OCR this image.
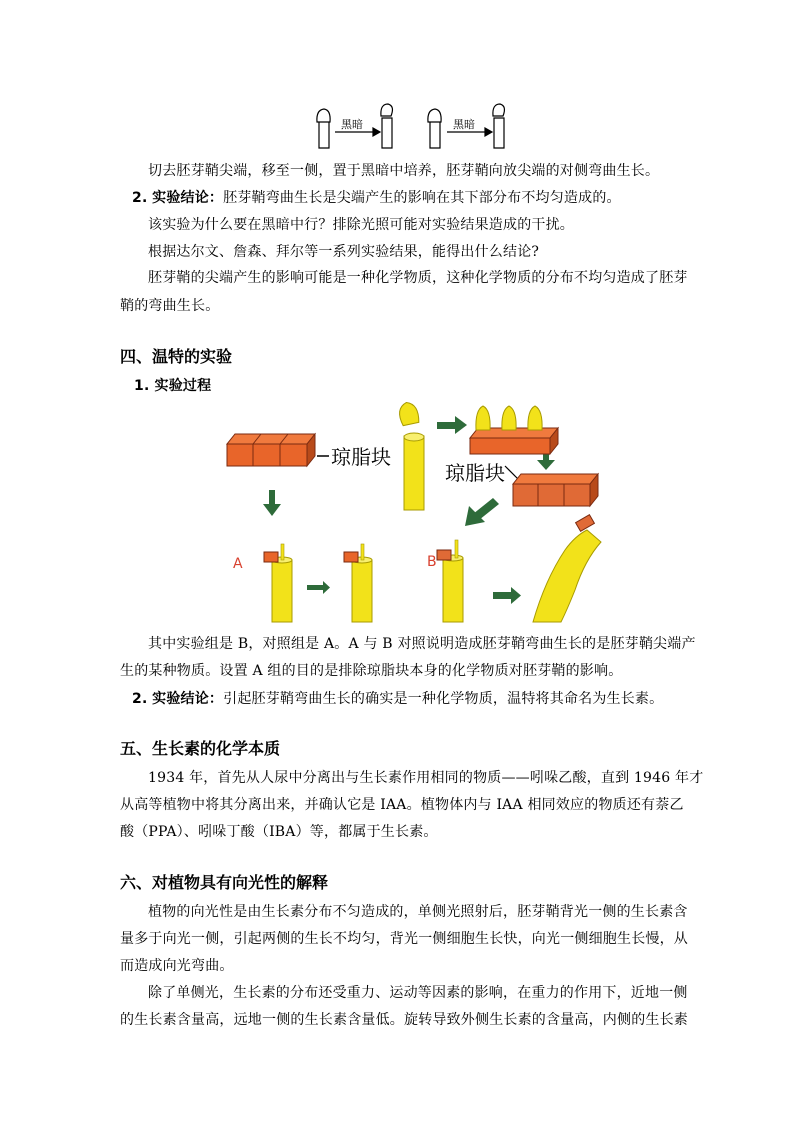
黑暗	黑暗
切去胚芽鞘尖端，移至一侧，置于黑暗中培养，胚芽鞘向放尖端的对侧弯曲生长。
2. 实验结论：胚芽鞘弯曲生长是尖端产生的影响在其下部分布不均匀造成的。
该实验为什么要在黑暗中行？排除光照可能对实验结果造成的干扰。
根据达尔文、詹森、拜尔等一系列实验结果，能得出什么结论?
胚芽鞘的尖端产生的影响可能是一种化学物质，这种化学物质的分布不均匀造成了胚芽
鞘的弯曲生长。
四、温特的实验
1. 实验过程
琼脂块
琼脂块
A	B
其中实验组是 B，对照组是 A。A 与 B 对照说明造成胚芽鞘弯曲生长的是胚芽鞘尖端产
生的某种物质。设置 A 组的目的是排除琼脂块本身的化学物质对胚芽鞘的影响。
2. 实验结论：引起胚芽鞘弯曲生长的确实是一种化学物质，温特将其命名为生长素。
五、生长素的化学本质
1934 年，首先从人尿中分离出与生长素作用相同的物质——吲哚乙酸，直到 1946 年才
从高等植物中将其分离出来，并确认它是 IAA。植物体内与 IAA 相同效应的物质还有萘乙
酸（PPA）、吲哚丁酸（IBA）等，都属于生长素。
六、对植物具有向光性的解释
植物的向光性是由生长素分布不匀造成的，单侧光照射后，胚芽鞘背光一侧的生长素含
量多于向光一侧，引起两侧的生长不均匀，背光一侧细胞生长快，向光一侧细胞生长慢，从
而造成向光弯曲。
除了单侧光，生长素的分布还受重力、运动等因素的影响，在重力的作用下，近地一侧
的生长素含量高，远地一侧的生长素含量低。旋转导致外侧生长素的含量高，内侧的生长素
